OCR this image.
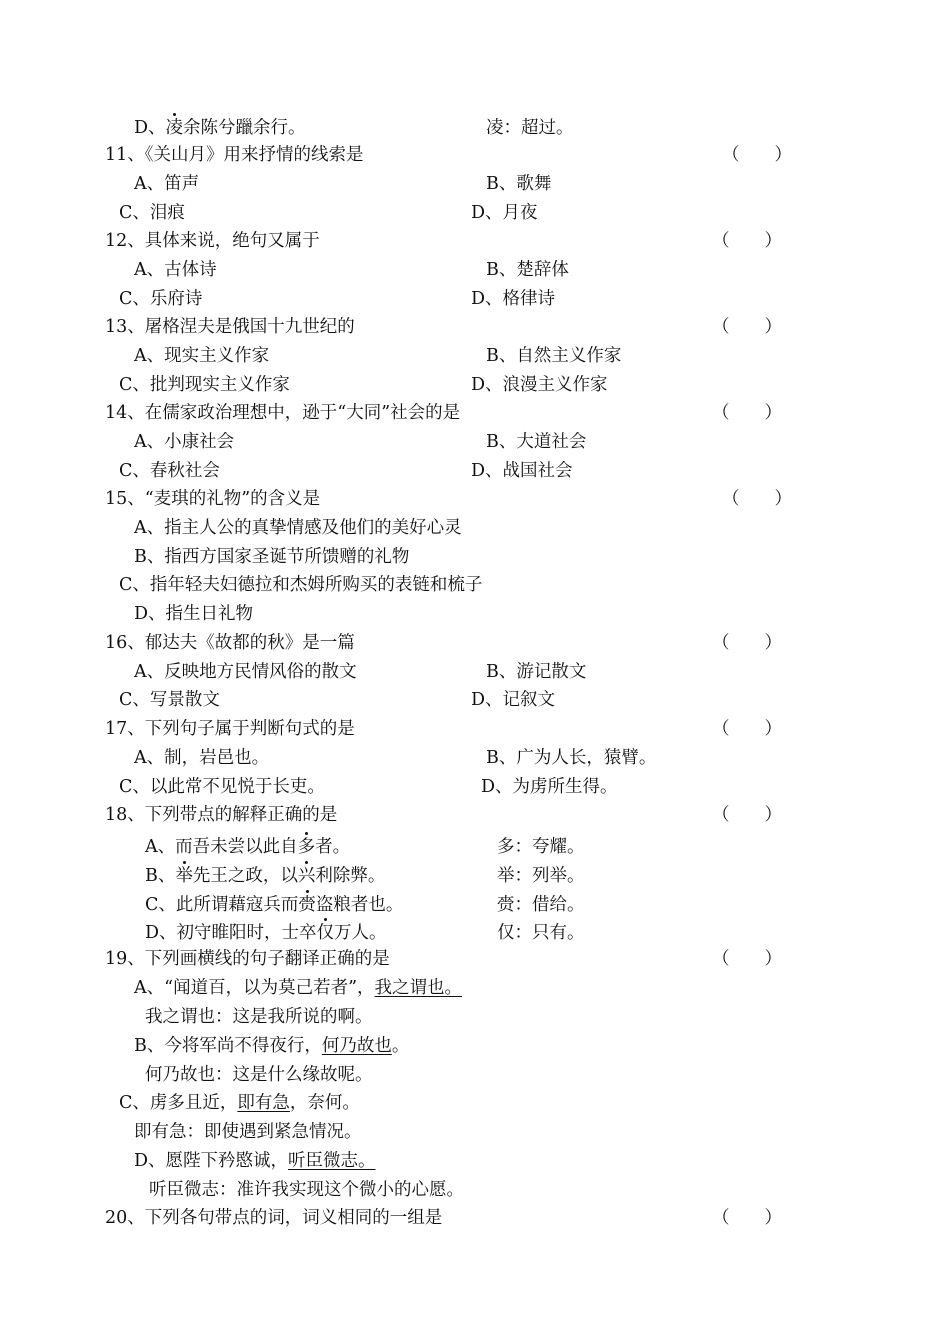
D、凌余陈兮躐余行。	凌：超过。
11、《关山月》用来抒情的线索是	（　　）
A、笛声	B、歌舞
C、泪痕	D、月夜
12、具体来说，绝句又属于	（　　）
A、古体诗	B、楚辞体
C、乐府诗	D、格律诗
13、屠格涅夫是俄国十九世纪的	（　　）
A、现实主义作家	B、自然主义作家
C、批判现实主义作家	D、浪漫主义作家
14、在儒家政治理想中，逊于“大同”社会的是	（　　）
A、小康社会	B、大道社会
C、春秋社会	D、战国社会
15、“麦琪的礼物”的含义是	（　　）
A、指主人公的真挚情感及他们的美好心灵
B、指西方国家圣诞节所馈赠的礼物
C、指年轻夫妇德拉和杰姆所购买的表链和梳子
D、指生日礼物
16、郁达夫《故都的秋》是一篇	（　　）
A、反映地方民情风俗的散文	B、游记散文
C、写景散文	D、记叙文
17、下列句子属于判断句式的是	（　　）
A、制，岩邑也。	B、广为人长，猿臂。
C、以此常不见悦于长吏。	D、为虏所生得。
18、下列带点的解释正确的是	（　　）
A、而吾未尝以此自多者。	多：夸耀。
B、举先王之政，以兴利除弊。	举：列举。
C、此所谓藉寇兵而赍盗粮者也。	赍：借给。
D、初守睢阳时，士卒仅万人。	仅：只有。
19、下列画横线的句子翻译正确的是	（　　）
A、“闻道百，以为莫己若者”，我之谓也。
我之谓也：这是我所说的啊。
B、今将军尚不得夜行，何乃故也。
何乃故也：这是什么缘故呢。
C、虏多且近，即有急，奈何。
即有急：即使遇到紧急情况。
D、愿陛下矜愍诚，听臣微志。
听臣微志：准许我实现这个微小的心愿。
20、下列各句带点的词，词义相同的一组是	（　　）
